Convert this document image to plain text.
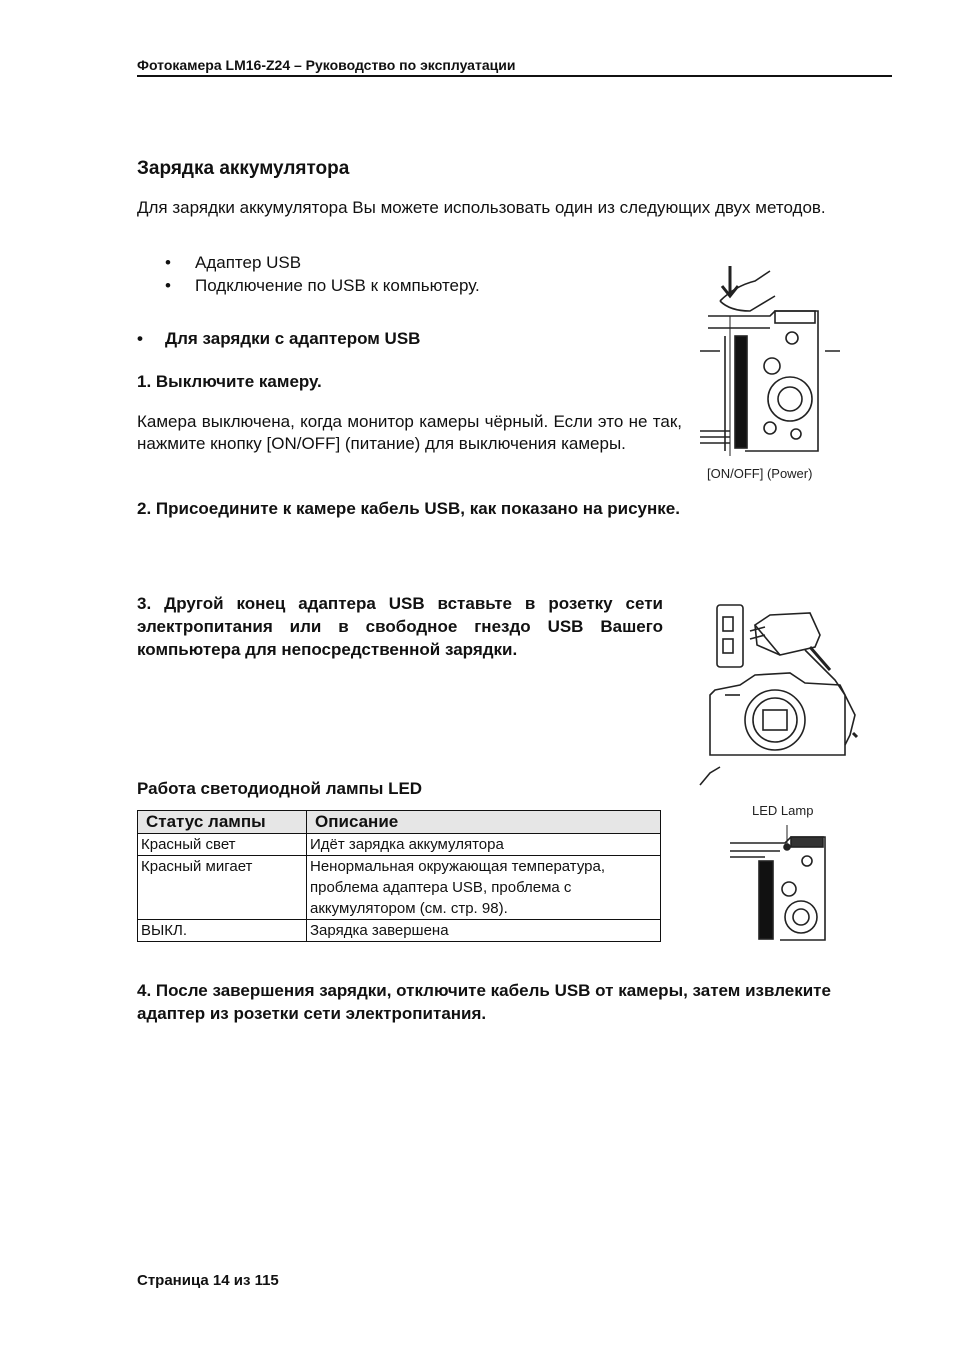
Фотокамера LM16-Z24 – Руководство по эксплуатации
Зарядка аккумулятора
Для зарядки аккумулятора Вы можете использовать один из следующих двух методов.
• Адаптер USB
• Подключение по USB к компьютеру.
• Для зарядки с адаптером USB
1. Выключите камеру.
Камера выключена, когда монитор камеры чёрный. Если это не так, нажмите кнопку [ON/OFF] (питание) для выключения камеры.
2. Присоедините к камере кабель USB, как показано на рисунке.
3. Другой конец адаптера USB вставьте в розетку сети электропитания или в свободное гнездо USB Вашего компьютера для непосредственной зарядки.
[ON/OFF] (Power)
Работа светодиодной лампы LED
Статус лампы	Описание
Красный свет	Идёт зарядка аккумулятора
Красный мигает	Ненормальная окружающая температура, проблема адаптера USB, проблема с аккумулятором (см. стр. 98).
ВЫКЛ.	Зарядка завершена
LED Lamp
4. После завершения зарядки, отключите кабель USB от камеры, затем извлеките адаптер из розетки сети электропитания.
Страница 14 из 115
